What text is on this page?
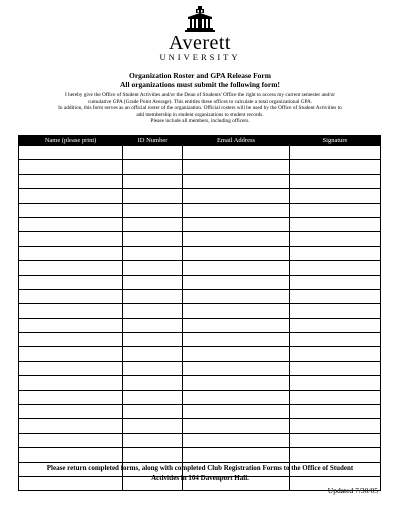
Averett
UNIVERSITY
Organization Roster and GPA Release Form
All organizations must submit the following form!
I hereby give the Office of Student Activities and/or the Dean of Students' Office the right to access my current semester and/or
cumulative GPA (Grade Point Average). This entitles these offices to calculate a total organizational GPA.
In addition, this form serves as an official roster of the organization. Official rosters will be used by the Office of Student Activities to
add membership in student organizations to student records.
Please include all members, including officers.
Name (please print)	ID Number	Email Address	Signature

Please return completed forms, along with completed Club Registration Forms to the Office of Student
Activities in 104 Davenport Hall.
Updated 7/30/05
